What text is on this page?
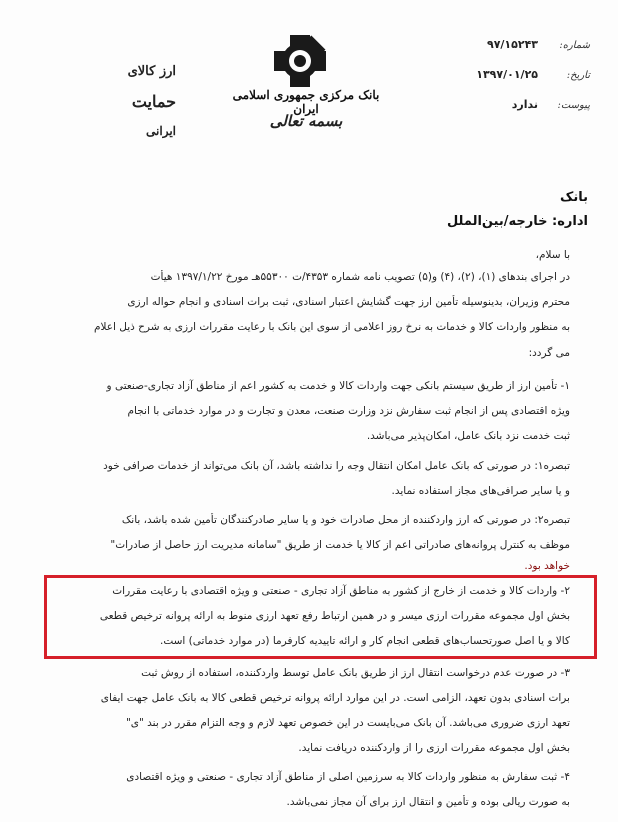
شماره:
۹۷/۱۵۲۴۳
تاریخ:
۱۳۹۷/۰۱/۲۵
پیوست:
ندارد
بانک مرکزی جمهوری اسلامی ایران
بسمه تعالی
ارز کالای
حمایت
ایرانی
بانک
اداره: خارجه/بین‌الملل
با سلام،
در اجرای بندهای (۱)، (۲)، (۴) و(۵) تصویب نامه شماره ۴۳۵۳/ت ۵۵۳۰۰هـ مورخ ۱۳۹۷/۱/۲۲ هیأت
محترم وزیران، بدینوسیله تأمین ارز جهت گشایش اعتبار اسنادی، ثبت برات اسنادی و انجام حواله ارزی
به منظور واردات کالا و خدمات به نرخ روز اعلامی از سوی این بانک با رعایت مقررات ارزی به شرح ذیل اعلام
می گردد:
۱- تأمین ارز از طریق سیستم بانکی جهت واردات کالا و خدمت به کشور اعم از مناطق آزاد تجاری-صنعتی و
ویژه اقتصادی پس از انجام ثبت سفارش نزد وزارت صنعت، معدن و تجارت و در موارد خدماتی با انجام
ثبت خدمت نزد بانک عامل، امکان‌پذیر می‌باشد.
تبصره۱: در صورتی که بانک عامل امکان انتقال وجه را نداشته باشد، آن بانک می‌تواند از خدمات صرافی خود
و یا سایر صرافی‌های مجاز استفاده نماید.
تبصره۲: در صورتی که ارز واردکننده از محل صادرات خود و یا سایر صادرکنندگان تأمین شده باشد، بانک
موظف به کنترل پروانه‌های صادراتی اعم از کالا یا خدمت از طریق "سامانه مدیریت ارز حاصل از صادرات"
خواهد بود.
۲- واردات کالا و خدمت از خارج از کشور به مناطق آزاد تجاری - صنعتی و ویژه اقتصادی با رعایت مقررات
بخش اول مجموعه مقررات ارزی میسر و در همین ارتباط رفع تعهد ارزی منوط به ارائه پروانه ترخیص قطعی
کالا و یا اصل صورتحساب‌های قطعی انجام کار و ارائه تاییدیه کارفرما (در موارد خدماتی) است.
۳- در صورت عدم درخواست انتقال ارز از طریق بانک عامل توسط واردکننده، استفاده از روش ثبت
برات اسنادی بدون تعهد، الزامی است. در این موارد ارائه پروانه ترخیص قطعی کالا به بانک عامل جهت ایفای
تعهد ارزی ضروری می‌باشد. آن بانک می‌بایست در این خصوص تعهد لازم و وجه التزام مقرر در بند "ی"
بخش اول مجموعه مقررات ارزی را از واردکننده دریافت نماید.
۴- ثبت سفارش به منظور واردات کالا به سرزمین اصلی از مناطق آزاد تجاری - صنعتی و ویژه اقتصادی
به صورت ریالی بوده و تأمین و انتقال ارز برای آن مجاز نمی‌باشد.
